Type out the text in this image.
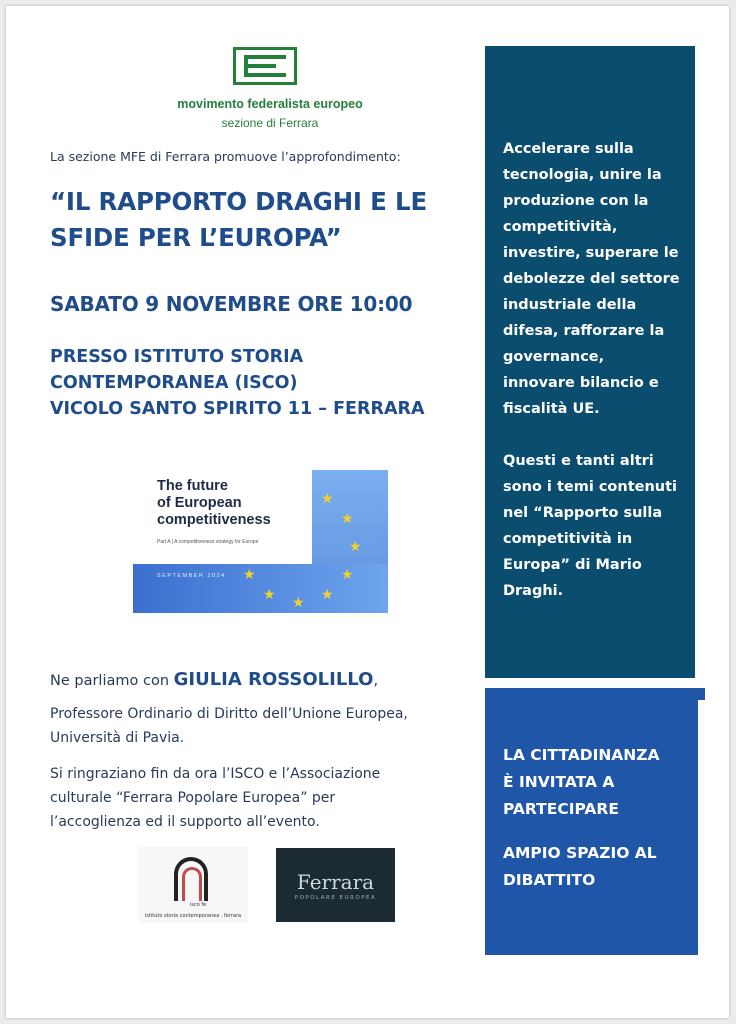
movimento federalista europeo
sezione di Ferrara
La sezione MFE di Ferrara promuove l’approfondimento:
“IL RAPPORTO DRAGHI E LE
SFIDE PER L’EUROPA”
SABATO 9 NOVEMBRE ORE 10:00
PRESSO ISTITUTO STORIA
CONTEMPORANEA (ISCO)
VICOLO SANTO SPIRITO 11 – FERRARA
The future
of European
competitiveness
Part A | A competitiveness strategy for Europe
SEPTEMBER 2024
★
★
★
★
★
★
★
★
Ne parliamo con GIULIA ROSSOLILLO,
Professore Ordinario di Diritto dell’Unione Europea,
Università di Pavia.
Si ringraziano fin da ora l’ISCO e l’Associazione
culturale “Ferrara Popolare Europea” per
l’accoglienza ed il supporto all’evento.
isco fe
istituto storia contemporanea . ferrara
Ferrara
POPOLARE EUROPEA
Accelerare sulla
tecnologia, unire la
produzione con la
competitività,
investire, superare le
debolezze del settore
industriale della
difesa, rafforzare la
governance,
innovare bilancio e
fiscalità UE.
Questi e tanti altri
sono i temi contenuti
nel “Rapporto sulla
competitività in
Europa” di Mario
Draghi.
LA CITTADINANZA
È INVITATA A
PARTECIPARE
AMPIO SPAZIO AL
DIBATTITO
